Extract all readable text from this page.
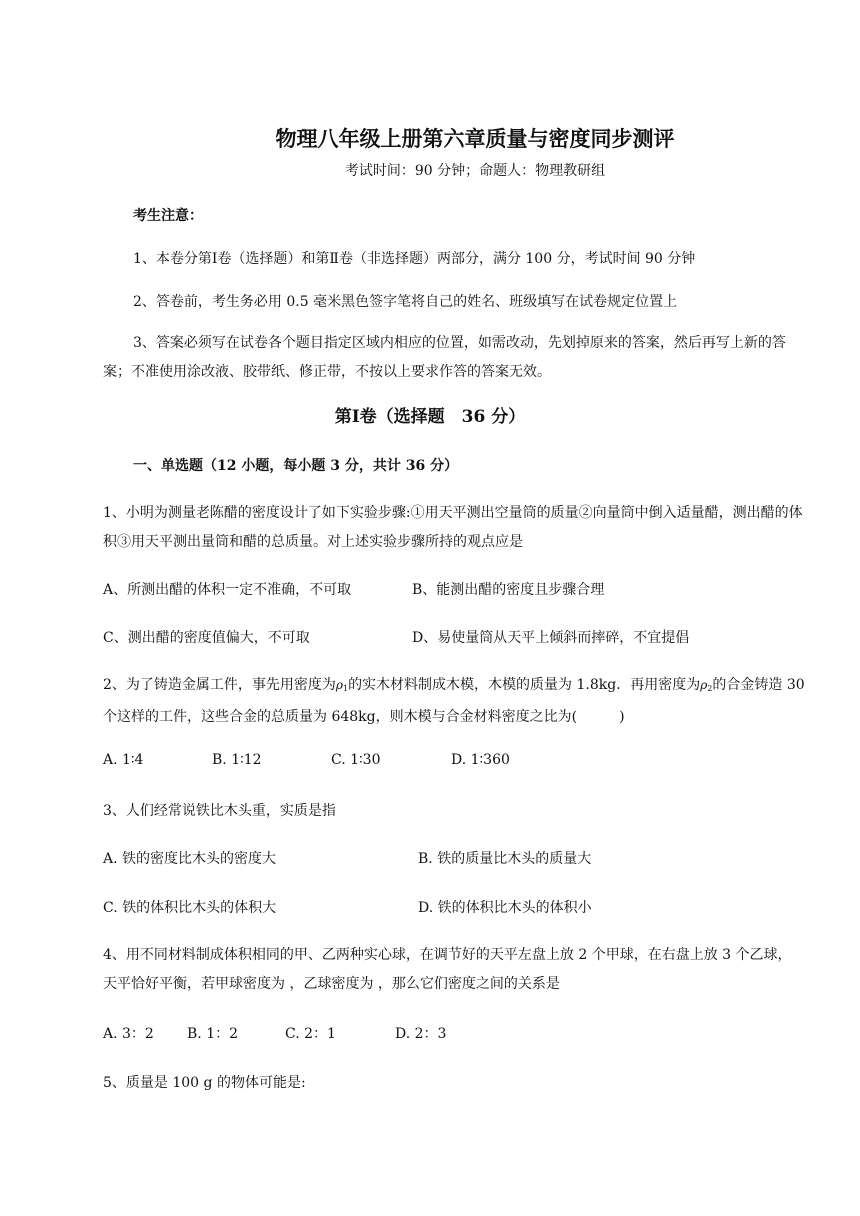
物理八年级上册第六章质量与密度同步测评
考试时间：90 分钟；命题人：物理教研组
考生注意：
1、本卷分第Ⅰ卷（选择题）和第Ⅱ卷（非选择题）两部分，满分 100 分，考试时间 90 分钟
2、答卷前，考生务必用 0.5 毫米黑色签字笔将自己的姓名、班级填写在试卷规定位置上
3、答案必须写在试卷各个题目指定区域内相应的位置，如需改动，先划掉原来的答案，然后再写上新的答案；不准使用涂改液、胶带纸、修正带，不按以上要求作答的答案无效。
第Ⅰ卷（选择题　36 分）
一、单选题（12 小题，每小题 3 分，共计 36 分）
1、小明为测量老陈醋的密度设计了如下实验步骤:①用天平测出空量筒的质量②向量筒中倒入适量醋，测出醋的体积③用天平测出量筒和醋的总质量。对上述实验步骤所持的观点应是
A、所测出醋的体积一定不准确，不可取	B、能测出醋的密度且步骤合理
C、测出醋的密度值偏大，不可取	D、易使量筒从天平上倾斜而摔碎，不宜提倡
2、为了铸造金属工件，事先用密度为$\rho_1$的实木材料制成木模，木模的质量为 1.8kg．再用密度为$\rho_2$的合金铸造 30 个这样的工件，这些合金的总质量为 648kg，则木模与合金材料密度之比为(　　　)
A. 1∶4	B. 1∶12	C. 1∶30	D. 1∶360
3、人们经常说铁比木头重，实质是指
A. 铁的密度比木头的密度大	B. 铁的质量比木头的质量大
C. 铁的体积比木头的体积大	D. 铁的体积比木头的体积小
4、用不同材料制成体积相同的甲、乙两种实心球，在调节好的天平左盘上放 2 个甲球，在右盘上放 3 个乙球，天平恰好平衡，若甲球密度为 ，乙球密度为 ，那么它们密度之间的关系是
A. 3：2 B. 1：2	C. 2：1	D. 2：3
5、质量是 100 g 的物体可能是:
